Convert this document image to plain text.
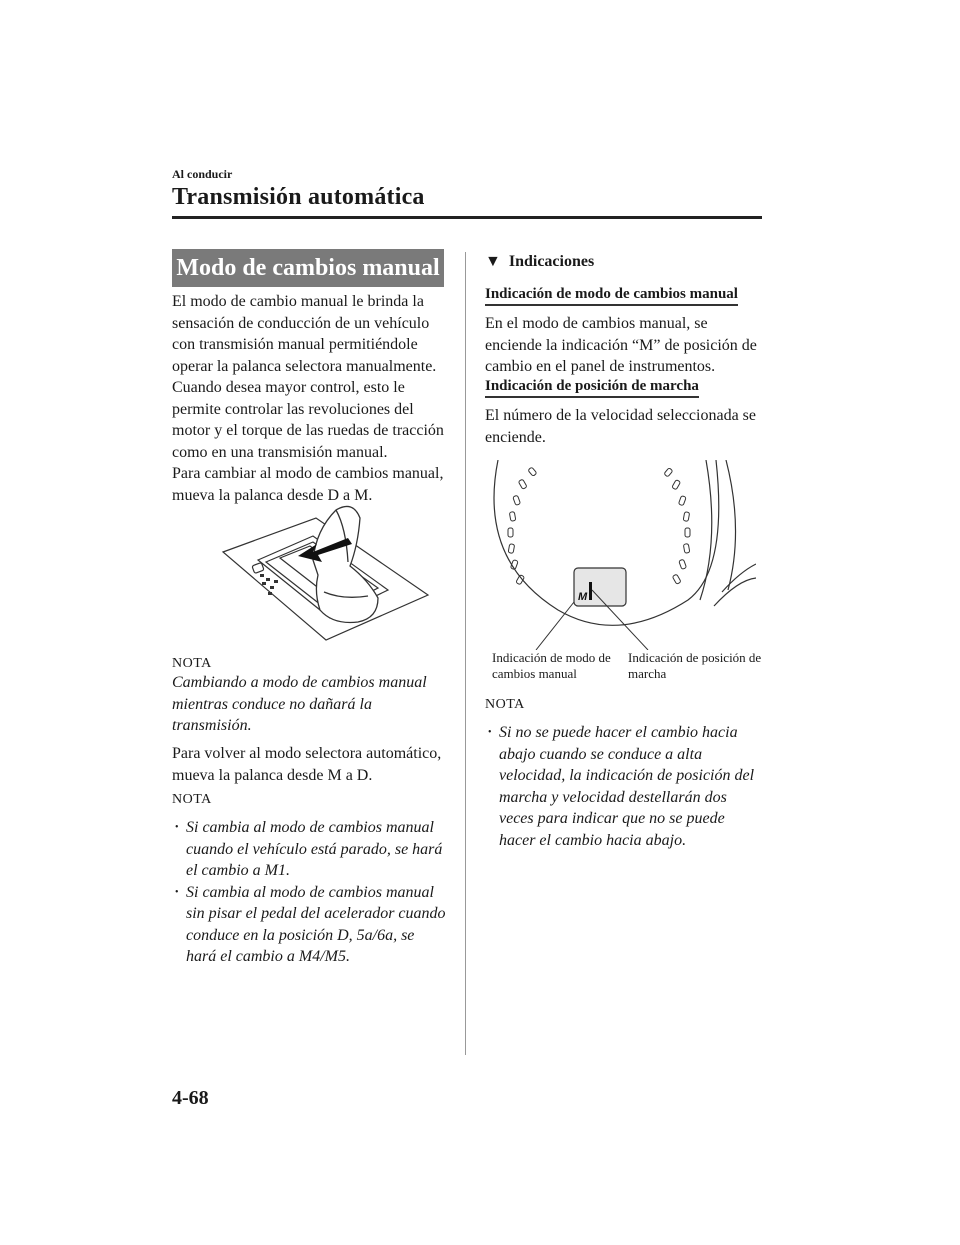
Al conducir
Transmisión automática
Modo de cambios manual

El modo de cambio manual le brinda la sensación de conducción de un vehículo con transmisión manual permitiéndole operar la palanca selectora manualmente. Cuando desea mayor control, esto le permite controlar las revoluciones del motor y el torque de las ruedas de tracción como en una transmisión manual.

Para cambiar al modo de cambios manual, mueva la palanca desde D a M.

NOTA
Cambiando a modo de cambios manual mientras conduce no dañará la transmisión.

Para volver al modo selectora automático, mueva la palanca desde M a D.

NOTA
• Si cambia al modo de cambios manual cuando el vehículo está parado, se hará el cambio a M1.
• Si cambia al modo de cambios manual sin pisar el pedal del acelerador cuando conduce en la posición D, 5a/6a, se hará el cambio a M4/M5.
▼ Indicaciones
Indicación de modo de cambios manual

En el modo de cambios manual, se enciende la indicación “M” de posición de cambio en el panel de instrumentos.

Indicación de posición de marcha

El número de la velocidad seleccionada se enciende.

M
Indicación de modo de cambios manual
Indicación de posición de marcha
NOTA
• Si no se puede hacer el cambio hacia abajo cuando se conduce a alta velocidad, la indicación de posición del marcha y velocidad destellarán dos veces para indicar que no se puede hacer el cambio hacia abajo.
4-68
